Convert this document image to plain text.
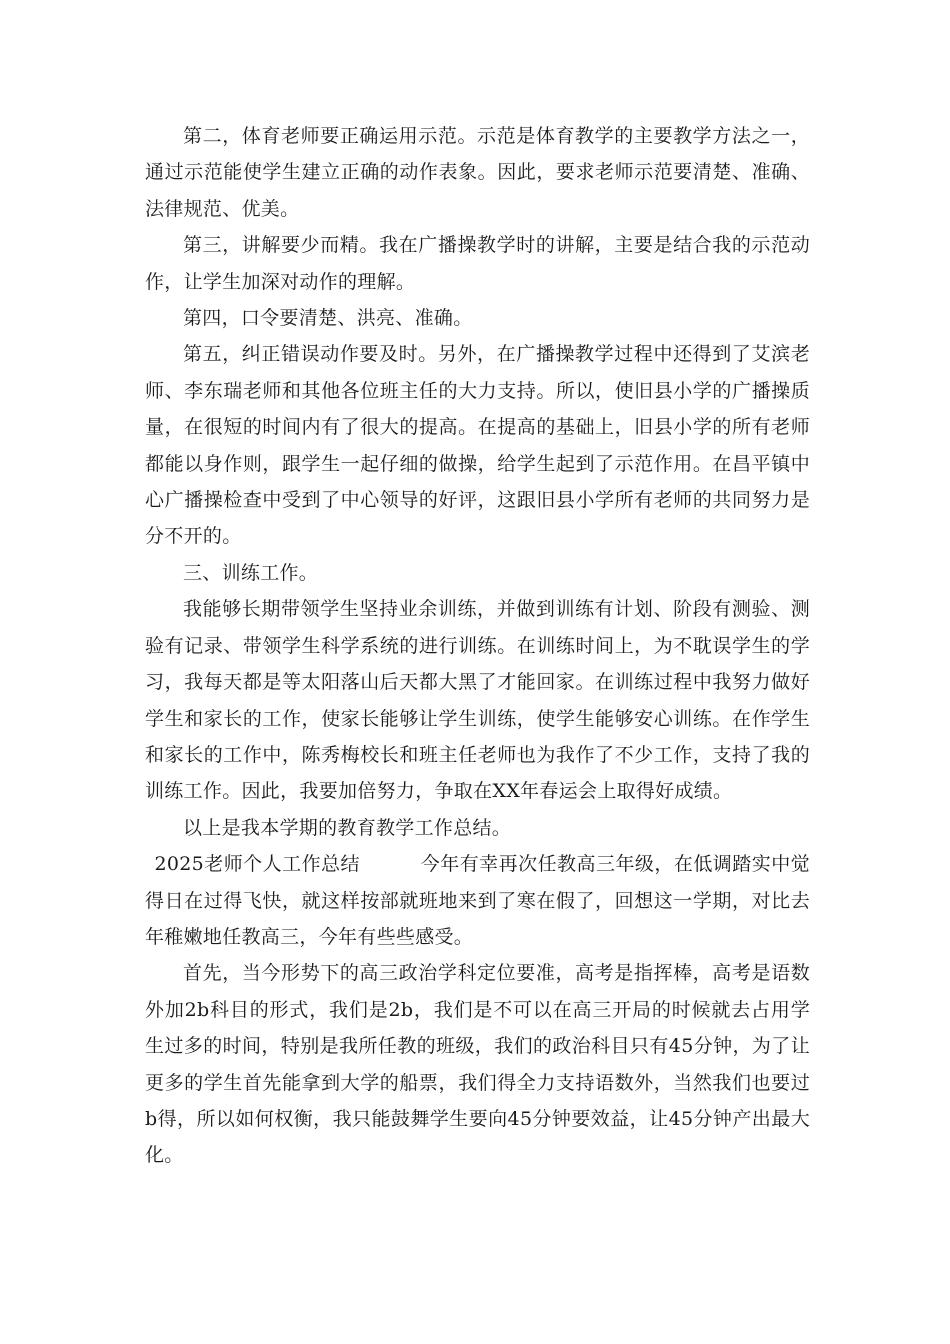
第二，体育老师要正确运用示范。示范是体育教学的主要教学方法之一，通过示范能使学生建立正确的动作表象。因此，要求老师示范要清楚、准确、法律规范、优美。

第三，讲解要少而精。我在广播操教学时的讲解，主要是结合我的示范动作，让学生加深对动作的理解。

第四，口令要清楚、洪亮、准确。

第五，纠正错误动作要及时。另外，在广播操教学过程中还得到了艾滨老师、李东瑞老师和其他各位班主任的大力支持。所以，使旧县小学的广播操质量，在很短的时间内有了很大的提高。在提高的基础上，旧县小学的所有老师都能以身作则，跟学生一起仔细的做操，给学生起到了示范作用。在昌平镇中心广播操检查中受到了中心领导的好评，这跟旧县小学所有老师的共同努力是分不开的。

三、训练工作。

我能够长期带领学生坚持业余训练，并做到训练有计划、阶段有测验、测验有记录、带领学生科学系统的进行训练。在训练时间上，为不耽误学生的学习，我每天都是等太阳落山后天都大黑了才能回家。在训练过程中我努力做好学生和家长的工作，使家长能够让学生训练，使学生能够安心训练。在作学生和家长的工作中，陈秀梅校长和班主任老师也为我作了不少工作，支持了我的训练工作。因此，我要加倍努力，争取在XX年春运会上取得好成绩。

以上是我本学期的教育教学工作总结。

2025老师个人工作总结	今年有幸再次任教高三年级，在低调踏实中觉得日在过得飞快，就这样按部就班地来到了寒在假了，回想这一学期，对比去年稚嫩地任教高三，今年有些些感受。

首先，当今形势下的高三政治学科定位要准，高考是指挥棒，高考是语数外加2b科目的形式，我们是2b，我们是不可以在高三开局的时候就去占用学生过多的时间，特别是我所任教的班级，我们的政治科目只有45分钟，为了让更多的学生首先能拿到大学的船票，我们得全力支持语数外，当然我们也要过b得，所以如何权衡，我只能鼓舞学生要向45分钟要效益，让45分钟产出最大化。
